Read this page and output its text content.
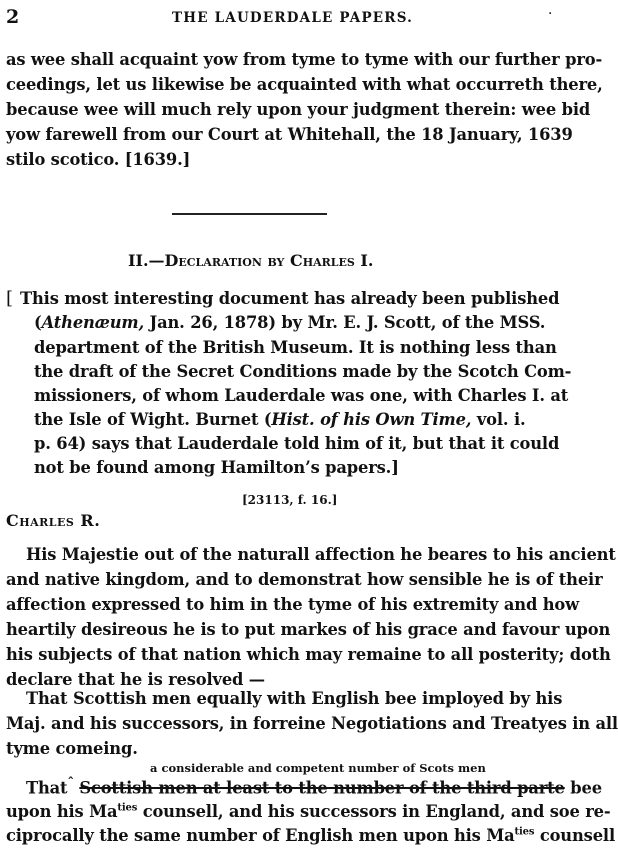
2	THE LAUDERDALE PAPERS.	·
as wee shall acquaint yow from tyme to tyme with our further pro-
ceedings, let us likewise be acquainted with what occurreth there,
because wee will much rely upon your judgment therein: wee bid
yow farewell from our Court at Whitehall, the 18 January, 1639
stilo scotico. [1639.]
II.—Declaration by Charles I.
[ This most interesting document has already been published
(Athenæum, Jan. 26, 1878) by Mr. E. J. Scott, of the MSS.
department of the British Museum. It is nothing less than
the draft of the Secret Conditions made by the Scotch Com-
missioners, of whom Lauderdale was one, with Charles I. at
the Isle of Wight. Burnet (Hist. of his Own Time, vol. i.
p. 64) says that Lauderdale told him of it, but that it could
not be found among Hamilton’s papers.]
[23113, f. 16.]
Charles R.
His Majestie out of the naturall affection he beares to his ancient
and native kingdom, and to demonstrat how sensible he is of their
affection expressed to him in the tyme of his extremity and how
heartily desireous he is to put markes of his grace and favour upon
his subjects of that nation which may remaine to all posterity; doth
declare that he is resolved —
That Scottish men equally with English bee imployed by his
Maj. and his successors, in forreine Negotiations and Treatyes in all
tyme comeing.
a considerable and competent number of Scots men
That$^ˆ$ Scottish men at least to the number of the third parte bee
upon his $Ma^{ties}$ counsell, and his successors in England, and soe re-
ciprocally the same number of English men upon his $Ma^{ties}$ counsell
